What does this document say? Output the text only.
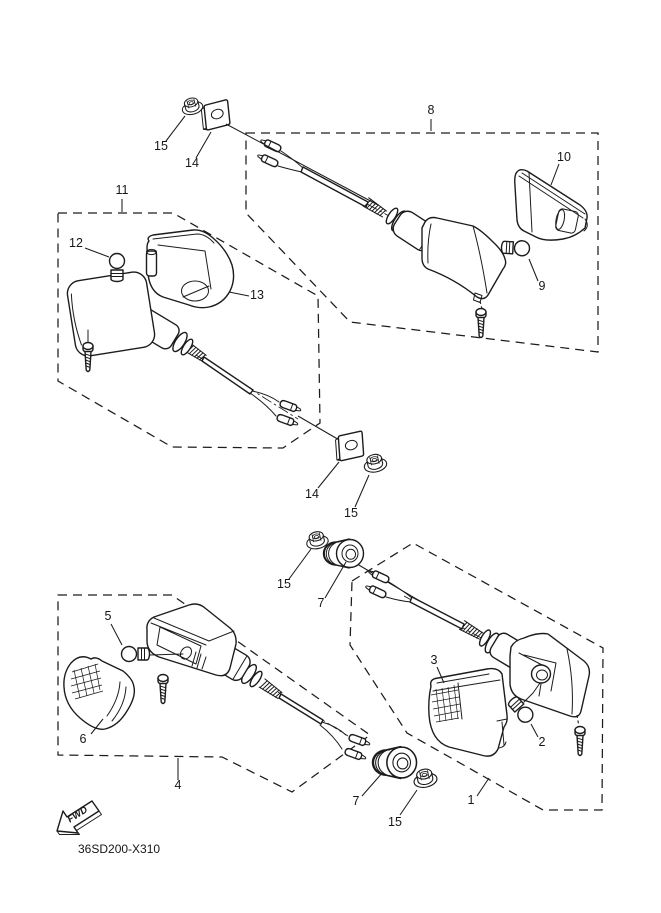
15
14
8
10
9
11
12
13
14
15
15
7
5
6
4
3
2
1
7
15
FWD
36SD200-X310
